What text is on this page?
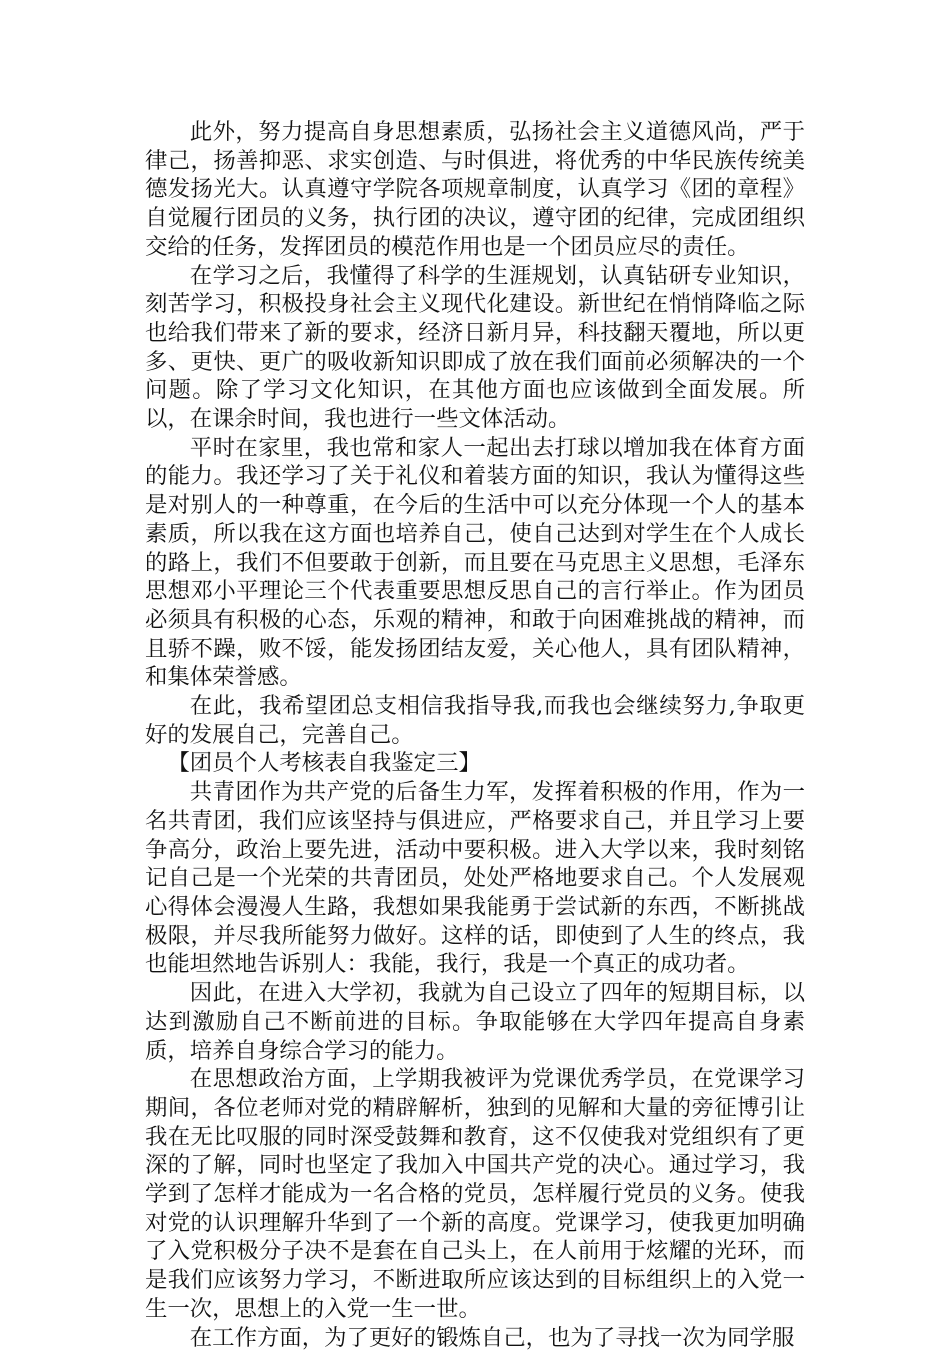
此外，努力提高自身思想素质，弘扬社会主义道德风尚，严于律己，扬善抑恶、求实创造、与时俱进，将优秀的中华民族传统美德发扬光大。认真遵守学院各项规章制度，认真学习《团的章程》自觉履行团员的义务，执行团的决议，遵守团的纪律，完成团组织交给的任务，发挥团员的模范作用也是一个团员应尽的责任。

在学习之后，我懂得了科学的生涯规划，认真钻研专业知识，刻苦学习，积极投身社会主义现代化建设。新世纪在悄悄降临之际也给我们带来了新的要求，经济日新月异，科技翻天覆地，所以更多、更快、更广的吸收新知识即成了放在我们面前必须解决的一个问题。除了学习文化知识，在其他方面也应该做到全面发展。所以，在课余时间，我也进行一些文体活动。

平时在家里，我也常和家人一起出去打球以增加我在体育方面的能力。我还学习了关于礼仪和着装方面的知识，我认为懂得这些是对别人的一种尊重，在今后的生活中可以充分体现一个人的基本素质，所以我在这方面也培养自己，使自己达到对学生在个人成长的路上，我们不但要敢于创新，而且要在马克思主义思想，毛泽东思想邓小平理论三个代表重要思想反思自己的言行举止。作为团员必须具有积极的心态，乐观的精神，和敢于向困难挑战的精神，而且骄不躁，败不馁，能发扬团结友爱，关心他人，具有团队精神，和集体荣誉感。

在此，我希望团总支相信我指导我,而我也会继续努力,争取更好的发展自己，完善自己。

【团员个人考核表自我鉴定三】

共青团作为共产党的后备生力军，发挥着积极的作用，作为一名共青团，我们应该坚持与俱进应，严格要求自己，并且学习上要争高分，政治上要先进，活动中要积极。进入大学以来，我时刻铭记自己是一个光荣的共青团员，处处严格地要求自己。个人发展观心得体会漫漫人生路，我想如果我能勇于尝试新的东西，不断挑战极限，并尽我所能努力做好。这样的话，即使到了人生的终点，我也能坦然地告诉别人：我能，我行，我是一个真正的成功者。

因此，在进入大学初，我就为自己设立了四年的短期目标，以达到激励自己不断前进的目标。争取能够在大学四年提高自身素质，培养自身综合学习的能力。

在思想政治方面，上学期我被评为党课优秀学员，在党课学习期间，各位老师对党的精辟解析，独到的见解和大量的旁征博引让我在无比叹服的同时深受鼓舞和教育，这不仅使我对党组织有了更深的了解，同时也坚定了我加入中国共产党的决心。通过学习，我学到了怎样才能成为一名合格的党员，怎样履行党员的义务。使我对党的认识理解升华到了一个新的高度。党课学习，使我更加明确了入党积极分子决不是套在自己头上，在人前用于炫耀的光环，而是我们应该努力学习，不断进取所应该达到的目标组织上的入党一生一次，思想上的入党一生一世。

在工作方面，为了更好的锻炼自己，也为了寻找一次为同学服
